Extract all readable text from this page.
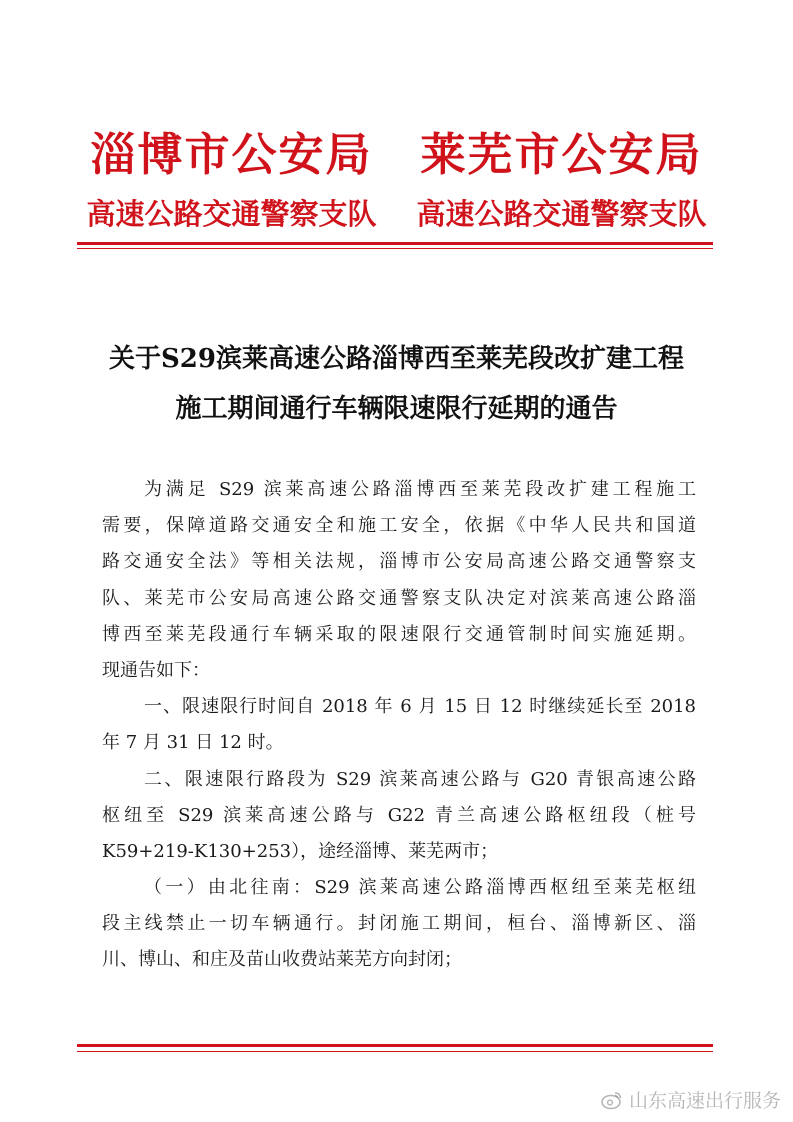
淄博市公安局 莱芜市公安局
高速公路交通警察支队 高速公路交通警察支队
关于S29滨莱高速公路淄博西至莱芜段改扩建工程
施工期间通行车辆限速限行延期的通告
为满足 S29 滨莱高速公路淄博西至莱芜段改扩建工程施工
需要，保障道路交通安全和施工安全，依据《中华人民共和国道
路交通安全法》等相关法规，淄博市公安局高速公路交通警察支
队、莱芜市公安局高速公路交通警察支队决定对滨莱高速公路淄
博西至莱芜段通行车辆采取的限速限行交通管制时间实施延期。
现通告如下：
一、限速限行时间自 2018 年 6 月 15 日 12 时继续延长至 2018
年 7 月 31 日 12 时。
二、限速限行路段为 S29 滨莱高速公路与 G20 青银高速公路
枢纽至 S29 滨莱高速公路与 G22 青兰高速公路枢纽段（桩号
K59+219-K130+253），途经淄博、莱芜两市；
（一）由北往南：S29 滨莱高速公路淄博西枢纽至莱芜枢纽
段主线禁止一切车辆通行。封闭施工期间，桓台、淄博新区、淄
川、博山、和庄及苗山收费站莱芜方向封闭；
山东高速出行服务
